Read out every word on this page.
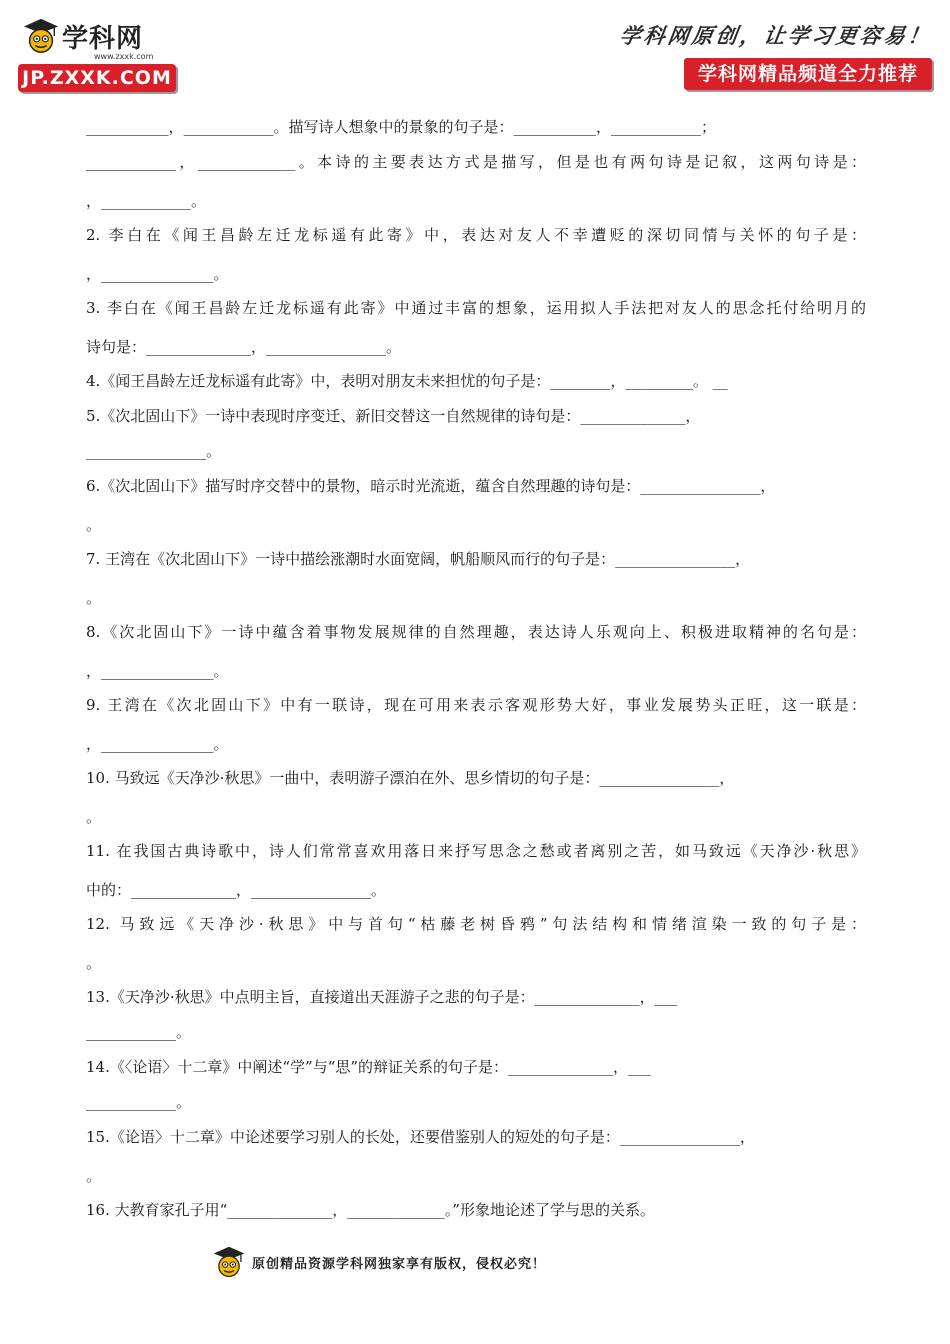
学科网
www.zxxk.com
JP.ZXXK.COM
学科网原创，让学习更容易！
学科网精品频道全力推荐
___________，____________。描写诗人想象中的景象的句子是：___________，____________；
____________，_____________。本诗的主要表达方式是描写，但是也有两句诗是记叙，这两句诗是：
，____________。
2. 李白在《闻王昌龄左迁龙标遥有此寄》中，表达对友人不幸遭贬的深切同情与关怀的句子是：
，_______________。
3. 李白在《闻王昌龄左迁龙标遥有此寄》中通过丰富的想象，运用拟人手法把对友人的思念托付给明月的
诗句是：______________，________________。
4.《闻王昌龄左迁龙标遥有此寄》中，表明对朋友未来担忧的句子是：________，_________。 __
5.《次北固山下》一诗中表现时序变迁、新旧交替这一自然规律的诗句是：______________，
________________。
6.《次北固山下》描写时序交替中的景物，暗示时光流逝，蕴含自然理趣的诗句是：________________，
。
7. 王湾在《次北固山下》一诗中描绘涨潮时水面宽阔，帆船顺风而行的句子是：________________，
。
8.《次北固山下》一诗中蕴含着事物发展规律的自然理趣，表达诗人乐观向上、积极进取精神的名句是：
，_______________。
9. 王湾在《次北固山下》中有一联诗，现在可用来表示客观形势大好，事业发展势头正旺，这一联是：
，_______________。
10. 马致远《天净沙·秋思》一曲中，表明游子漂泊在外、思乡情切的句子是：________________，
。
11. 在我国古典诗歌中，诗人们常常喜欢用落日来抒写思念之愁或者离别之苦，如马致远《天净沙·秋思》
中的：______________，________________。
12. 马致远《天净沙·秋思》中与首句“枯藤老树昏鸦”句法结构和情绪渲染一致的句子是：
。
13.《天净沙·秋思》中点明主旨，直接道出天涯游子之悲的句子是：______________，___
____________。
14.《〈论语〉十二章》中阐述“学”与“思”的辩证关系的句子是：______________，___
____________。
15.《论语〉十二章》中论述要学习别人的长处，还要借鉴别人的短处的句子是：________________，
。
16. 大教育家孔子用“______________，_____________。”形象地论述了学与思的关系。
原创精品资源学科网独家享有版权，侵权必究！
